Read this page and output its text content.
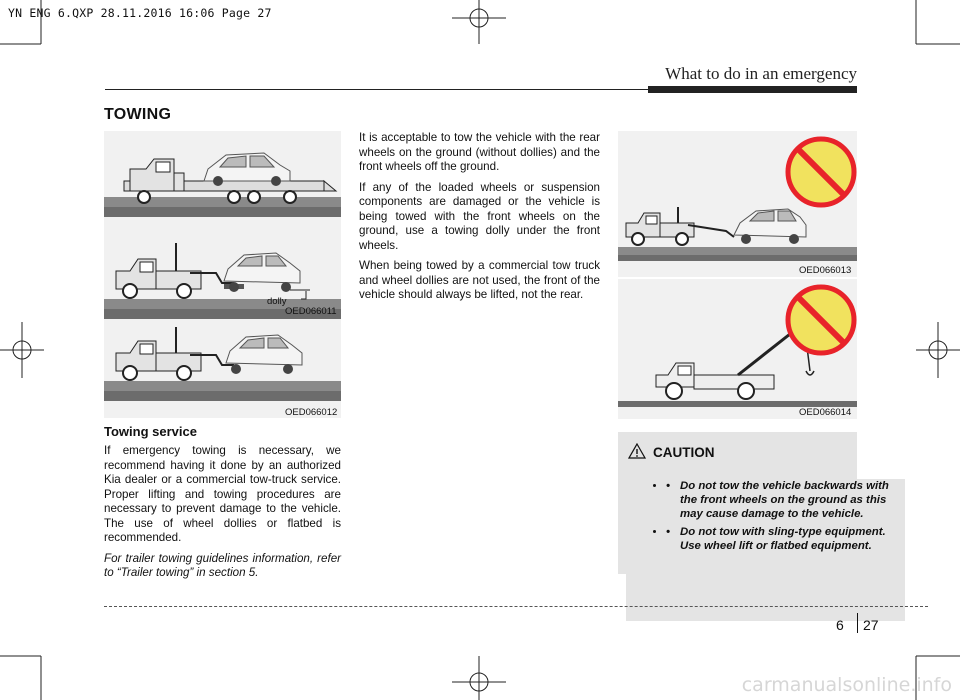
YN ENG 6.QXP 28.11.2016 16:06 Page 27
What to do in an emergency
TOWING
dolly
OED066011
OED066012
Towing service

If emergency towing is necessary, we recommend having it done by an authorized Kia dealer or a commercial tow-truck service. Proper lifting and towing procedures are necessary to prevent damage to the vehicle. The use of wheel dollies or flatbed is recommended.

For trailer towing guidelines information, refer to “Trailer towing” in section 5.

It is acceptable to tow the vehicle with the rear wheels on the ground (without dollies) and the front wheels off the ground.

If any of the loaded wheels or suspension components are damaged or the vehicle is being towed with the front wheels on the ground, use a towing dolly under the front wheels.

When being towed by a commercial tow truck and wheel dollies are not used, the front of the vehicle should always be lifted, not the rear.

OED066013
OED066014
CAUTION
• • Do not tow the vehicle backwards with the front wheels on the ground as this may cause damage to the vehicle.
• • Do not tow with sling-type equipment. Use wheel lift or flatbed equipment.
6 27
carmanualsonline.info
